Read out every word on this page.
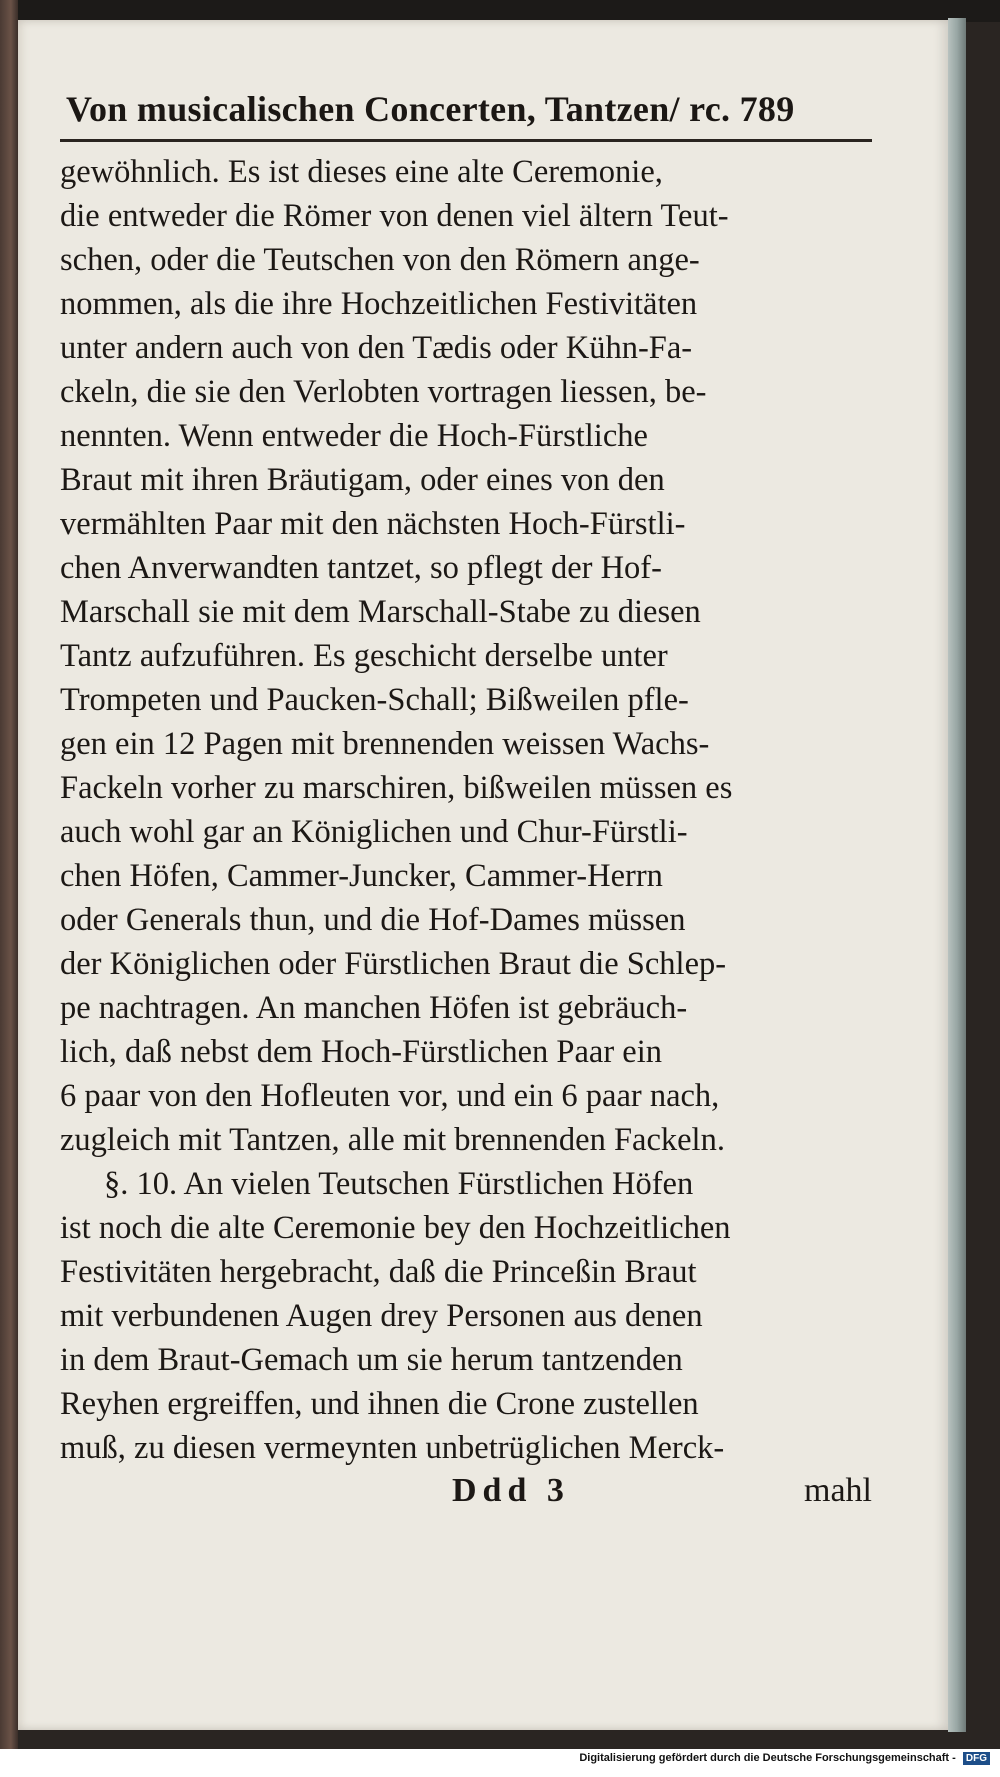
Von musicalischen Concerten, Tantzen/ rc. 789
gewöhnlich. Es ist dieses eine alte Ceremonie,
die entweder die Römer von denen viel ältern Teut-
schen, oder die Teutschen von den Römern ange-
nommen, als die ihre Hochzeitlichen Festivitäten
unter andern auch von den Tædis oder Kühn-Fa-
ckeln, die sie den Verlobten vortragen liessen, be-
nennten. Wenn entweder die Hoch-Fürstliche
Braut mit ihren Bräutigam, oder eines von den
vermählten Paar mit den nächsten Hoch-Fürstli-
chen Anverwandten tantzet, so pflegt der Hof-
Marschall sie mit dem Marschall-Stabe zu diesen
Tantz aufzuführen. Es geschicht derselbe unter
Trompeten und Paucken-Schall; Bißweilen pfle-
gen ein 12 Pagen mit brennenden weissen Wachs-
Fackeln vorher zu marschiren, bißweilen müssen es
auch wohl gar an Königlichen und Chur-Fürstli-
chen Höfen, Cammer-Juncker, Cammer-Herrn
oder Generals thun, und die Hof-Dames müssen
der Königlichen oder Fürstlichen Braut die Schlep-
pe nachtragen. An manchen Höfen ist gebräuch-
lich, daß nebst dem Hoch-Fürstlichen Paar ein
6 paar von den Hofleuten vor, und ein 6 paar nach,
zugleich mit Tantzen, alle mit brennenden Fackeln.
§. 10. An vielen Teutschen Fürstlichen Höfen
ist noch die alte Ceremonie bey den Hochzeitlichen
Festivitäten hergebracht, daß die Princeßin Braut
mit verbundenen Augen drey Personen aus denen
in dem Braut-Gemach um sie herum tantzenden
Reyhen ergreiffen, und ihnen die Crone zustellen
muß, zu diesen vermeynten unbetrüglichen Merck-
Ddd 3	mahl
Digitalisierung gefördert durch die Deutsche Forschungsgemeinschaft - DFG
